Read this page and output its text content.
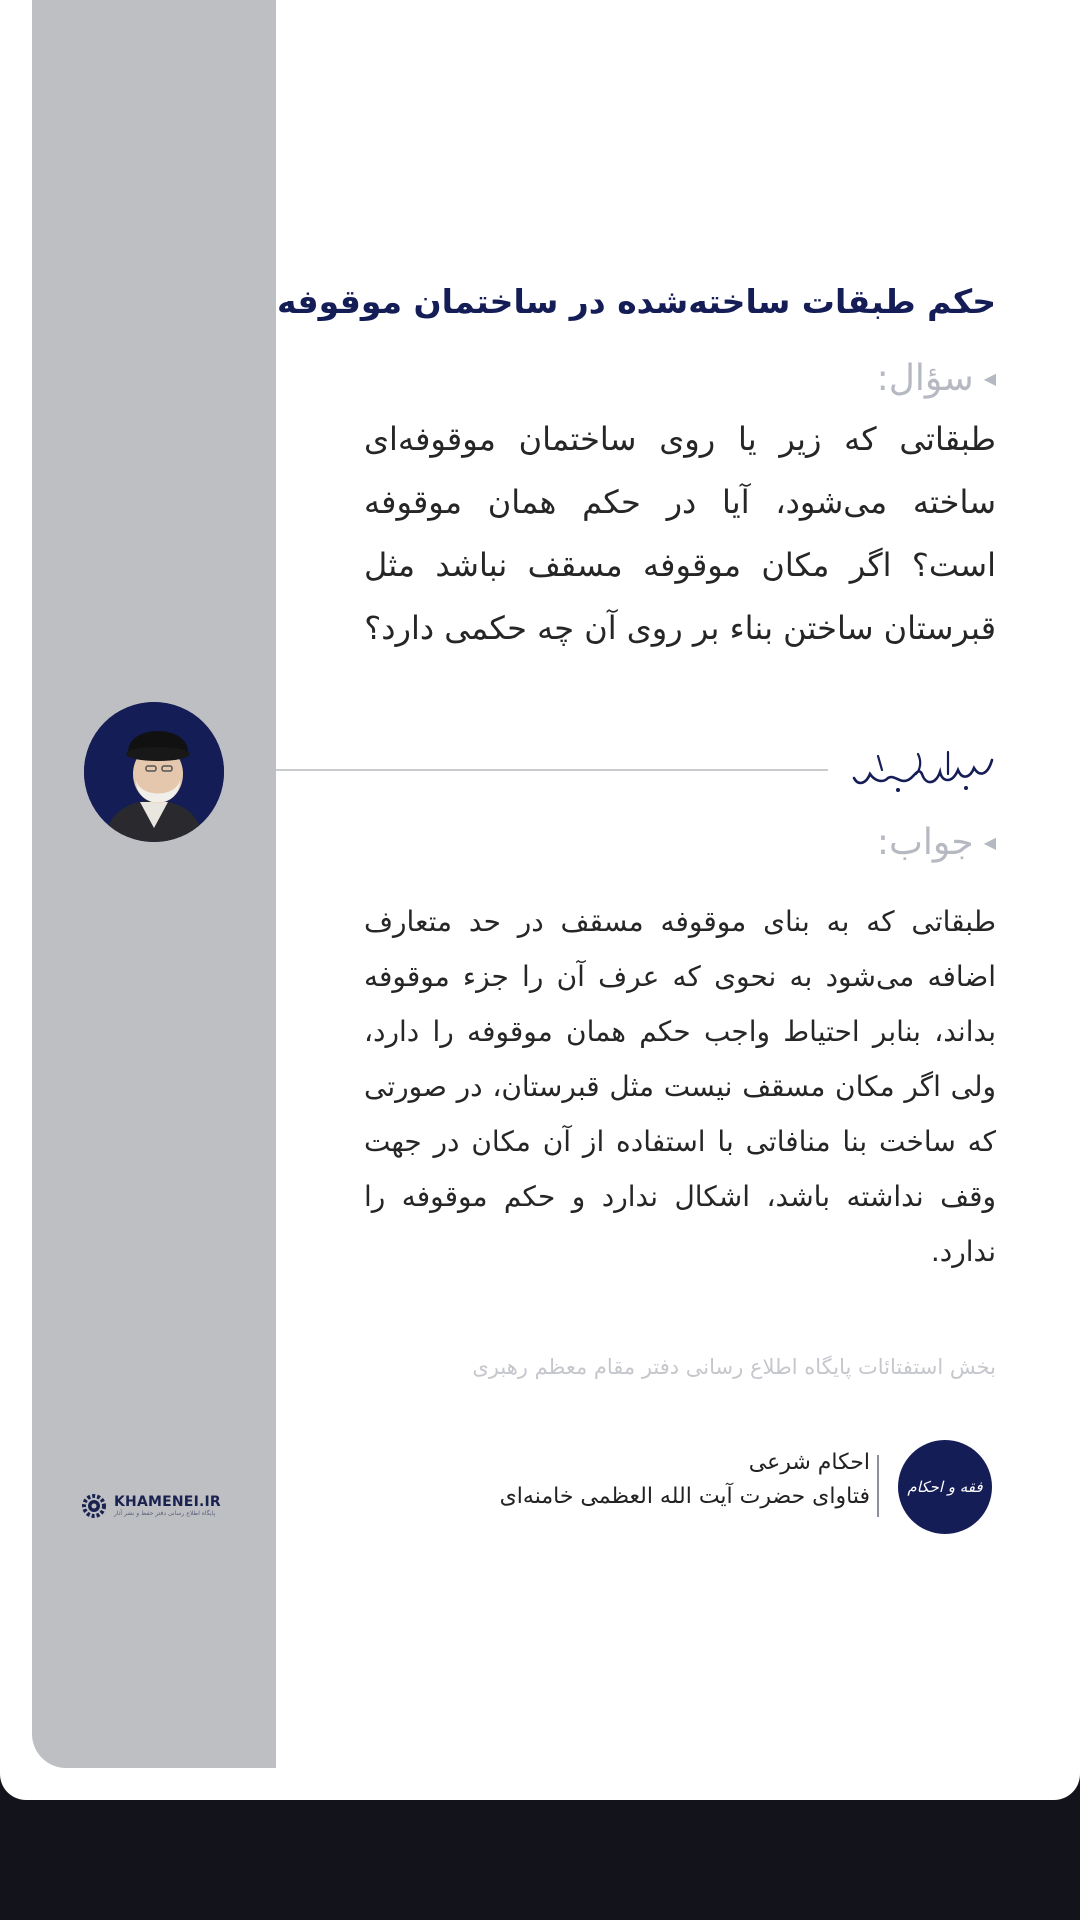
حکم طبقات ساخته‌شده در ساختمان موقوفه
◀
سؤال:
طبقاتی که زیر یا روی ساختمان موقوفه‌ای ساخته می‌شود، آیا در حکم همان موقوفه است؟ اگر مکان موقوفه مسقف نباشد مثل قبرستان ساختن بناء بر روی آن چه حکمی دارد؟
◀
جواب:
طبقاتی که به بنای موقوفه مسقف در حد متعارف اضافه می‌شود به نحوی که عرف آن را جزء موقوفه بداند، بنابر احتیاط واجب حکم همان موقوفه را دارد، ولی اگر مکان مسقف نیست مثل قبرستان، در صورتی که ساخت بنا منافاتی با استفاده از آن مکان در جهت وقف نداشته باشد، اشکال ندارد و حکم موقوفه را ندارد.
بخش استفتائات پایگاه اطلاع رسانی دفتر مقام معظم رهبری
فقه و احکام
احکام شرعی
فتاوای حضرت آیت الله العظمی خامنه‌ای
KHAMENEI.IR
پایگاه اطلاع رسانی دفتر حفظ و نشر آثار
